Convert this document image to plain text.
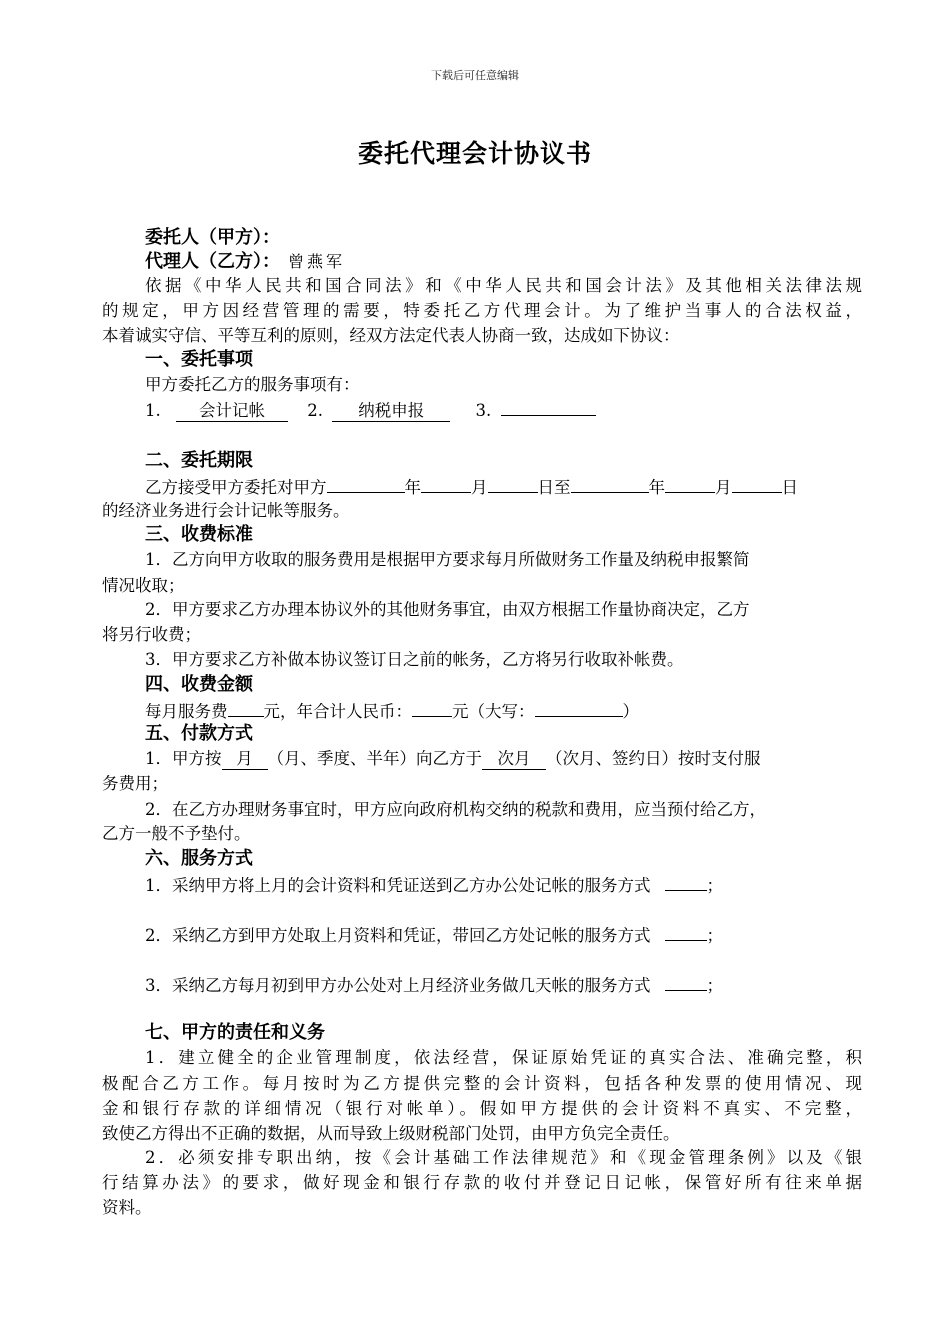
下载后可任意编辑
委托代理会计协议书
委托人（甲方）：
代理人（乙方）： 曾燕军
依据《中华人民共和国合同法》和《中华人民共和国会计法》及其他相关法律法规
的规定，甲方因经营管理的需要，特委托乙方代理会计。为了维护当事人的合法权益，
本着诚实守信、平等互利的原则，经双方法定代表人协商一致，达成如下协议：
一、委托事项
甲方委托乙方的服务事项有：
1. 会计记帐	2. 纳税申报	3.
二、委托期限
乙方接受甲方委托对甲方	年	月	日至	年	月	日
的经济业务进行会计记帐等服务。
三、收费标准
1．乙方向甲方收取的服务费用是根据甲方要求每月所做财务工作量及纳税申报繁简
情况收取；
2．甲方要求乙方办理本协议外的其他财务事宜，由双方根据工作量协商决定，乙方
将另行收费；
3．甲方要求乙方补做本协议签订日之前的帐务，乙方将另行收取补帐费。
四、收费金额
每月服务费 元，年合计人民币： 元（大写：	）
五、付款方式
1．甲方按 月 （月、季度、半年）向乙方于 次月 （次月、签约日）按时支付服
务费用；
2．在乙方办理财务事宜时，甲方应向政府机构交纳的税款和费用，应当预付给乙方，
乙方一般不予垫付。
六、服务方式
1．采纳甲方将上月的会计资料和凭证送到乙方办公处记帐的服务方式	；
2．采纳乙方到甲方处取上月资料和凭证，带回乙方处记帐的服务方式	；
3．采纳乙方每月初到甲方办公处对上月经济业务做几天帐的服务方式	；
七、甲方的责任和义务
1．建立健全的企业管理制度，依法经营，保证原始凭证的真实合法、准确完整，积
极配合乙方工作。每月按时为乙方提供完整的会计资料，包括各种发票的使用情况、现
金和银行存款的详细情况（银行对帐单）。假如甲方提供的会计资料不真实、不完整，
致使乙方得出不正确的数据，从而导致上级财税部门处罚，由甲方负完全责任。
2．必须安排专职出纳，按《会计基础工作法律规范》和《现金管理条例》以及《银
行结算办法》的要求，做好现金和银行存款的收付并登记日记帐，保管好所有往来单据
资料。
